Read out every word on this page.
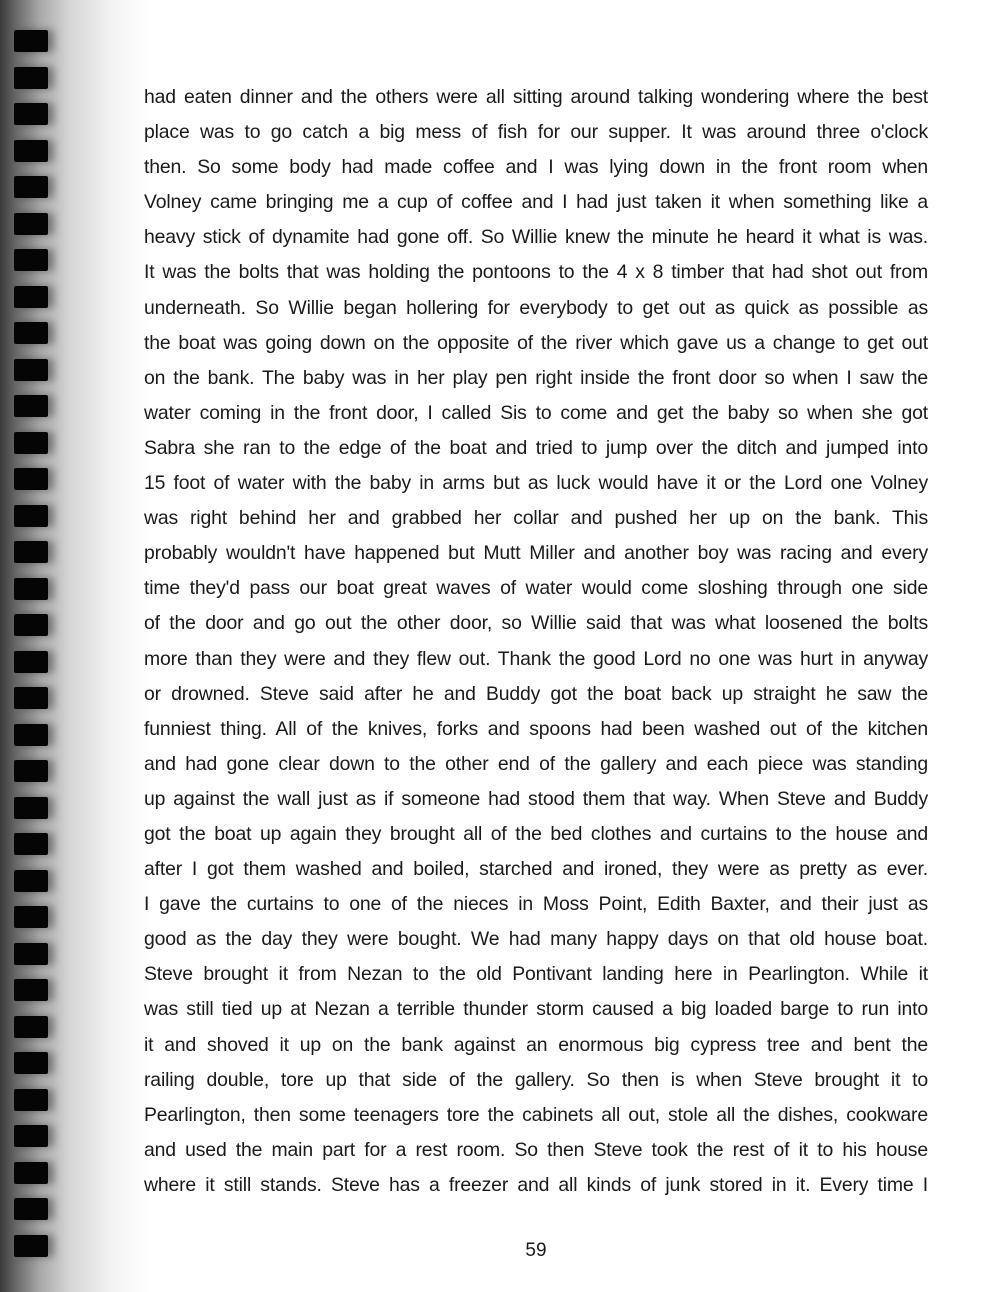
had eaten dinner and the others were all sitting around talking wondering where the best
place was to go catch a big mess of fish for our supper. It was around three o'clock
then. So some body had made coffee and I was lying down in the front room when
Volney came bringing me a cup of coffee and I had just taken it when something like a
heavy stick of dynamite had gone off. So Willie knew the minute he heard it what is was.
It was the bolts that was holding the pontoons to the 4 x 8 timber that had shot out from
underneath. So Willie began hollering for everybody to get out as quick as possible as
the boat was going down on the opposite of the river which gave us a change to get out
on the bank. The baby was in her play pen right inside the front door so when I saw the
water coming in the front door, I called Sis to come and get the baby so when she got
Sabra she ran to the edge of the boat and tried to jump over the ditch and jumped into
15 foot of water with the baby in arms but as luck would have it or the Lord one Volney
was right behind her and grabbed her collar and pushed her up on the bank. This
probably wouldn't have happened but Mutt Miller and another boy was racing and every
time they'd pass our boat great waves of water would come sloshing through one side
of the door and go out the other door, so Willie said that was what loosened the bolts
more than they were and they flew out. Thank the good Lord no one was hurt in anyway
or drowned. Steve said after he and Buddy got the boat back up straight he saw the
funniest thing. All of the knives, forks and spoons had been washed out of the kitchen
and had gone clear down to the other end of the gallery and each piece was standing
up against the wall just as if someone had stood them that way. When Steve and Buddy
got the boat up again they brought all of the bed clothes and curtains to the house and
after I got them washed and boiled, starched and ironed, they were as pretty as ever.
I gave the curtains to one of the nieces in Moss Point, Edith Baxter, and their just as
good as the day they were bought. We had many happy days on that old house boat.
Steve brought it from Nezan to the old Pontivant landing here in Pearlington. While it
was still tied up at Nezan a terrible thunder storm caused a big loaded barge to run into
it and shoved it up on the bank against an enormous big cypress tree and bent the
railing double, tore up that side of the gallery. So then is when Steve brought it to
Pearlington, then some teenagers tore the cabinets all out, stole all the dishes, cookware
and used the main part for a rest room. So then Steve took the rest of it to his house
where it still stands. Steve has a freezer and all kinds of junk stored in it. Every time I
59
